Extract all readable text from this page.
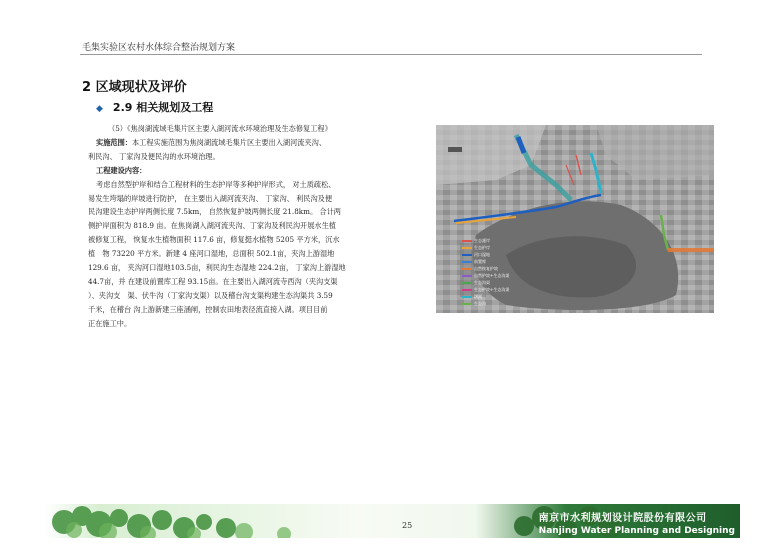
毛集实验区农村水体综合整治规划方案
2 区域现状及评价
◆ 2.9 相关规划及工程
（5）《焦岗湖流域毛集片区主要入湖河流水环境治理及生态修复工程》
实施范围：本工程实施范围为焦岗湖流域毛集片区主要出入湖河流夹沟、
利民沟、 丁家沟及便民沟的水环境治理。
工程建设内容：
考虑自然型护岸和结合工程材料的生态护岸等多种护岸形式， 对土质疏松、
易发生垮塌的岸坡进行防护， 在主要出入湖河流夹沟、 丁家沟、 利民沟及便
民沟建设生态护岸两侧长度 7.5km， 自然恢复护坡两侧长度 21.8km。 合计两
侧护岸面积为 818.9 亩。在焦岗湖入湖河流夹沟、丁家沟及利民沟开展水生植
被修复工程， 恢复水生植物面积 117.6 亩，修复挺水植物 5205 平方米，沉水
植　物 73220 平方米。新建 4 座河口湿地，总面积 502.1亩，夹沟上游湿地
129.6 亩， 夹沟河口湿地103.5亩，利民沟生态湿地 224.2亩， 丁家沟上游湿地
44.7亩，并 在建设前置库工程 93.15亩。在主要出入湖河流寺西沟（夹沟支渠
）、夹沟支　渠、伏牛沟（丁家沟支渠）以及稽台沟支渠构建生态沟渠共 3.59
千米，在稽台 沟上游新建三座涵闸，控制农田地表径流直接入湖。项目目前
正在施工中。
生态護岸
生态护岸
河口湿地
前置库
自然恢复护坡
自然护坡+生态沟渠
生态沟渠
生态护坡+生态沟渠
涵闸
生态沟
25
南京市水利规划设计院股份有限公司
Nanjing Water Planning and Designing
